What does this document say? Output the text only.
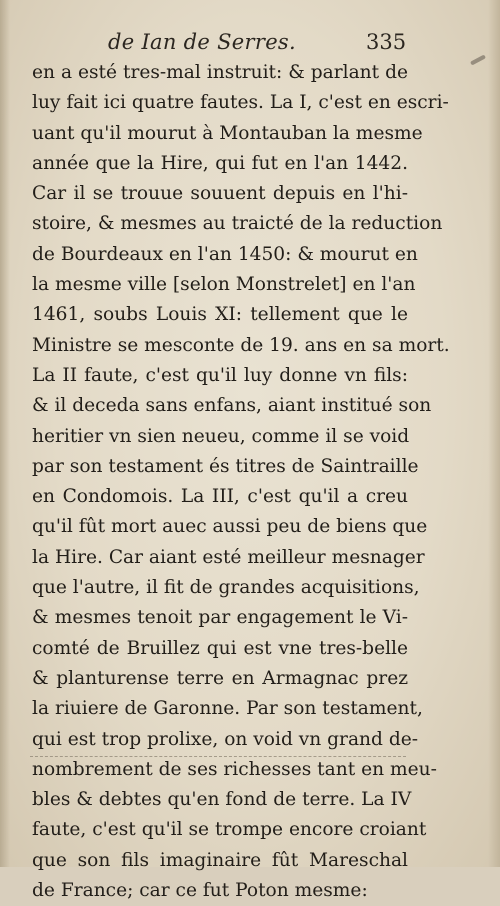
de Ian de Serres.	335
en a esté tres-mal instruit: & parlant de
luy fait ici quatre fautes. La I, c'est en escri-
uant qu'il mourut à Montauban la mesme
année que la Hire, qui fut en l'an 1442.
Car il se trouue souuent depuis en l'hi-
stoire, & mesmes au traicté de la reduction
de Bourdeaux en l'an 1450: & mourut en
la mesme ville [selon Monstrelet] en l'an
1461, soubs Louis XI: tellement que le
Ministre se mesconte de 19. ans en sa mort.
La II faute, c'est qu'il luy donne vn fils:
& il deceda sans enfans, aiant institué son
heritier vn sien neueu, comme il se void
par son testament és titres de Saintraille
en Condomois. La III, c'est qu'il a creu
qu'il fût mort auec aussi peu de biens que
la Hire. Car aiant esté meilleur mesnager
que l'autre, il fit de grandes acquisitions,
& mesmes tenoit par engagement le Vi-
comté de Bruillez qui est vne tres-belle
& planturense terre en Armagnac prez
la riuiere de Garonne. Par son testament,
qui est trop prolixe, on void vn grand de-
nombrement de ses richesses tant en meu-
bles & debtes qu'en fond de terre. La IV
faute, c'est qu'il se trompe encore croiant
que son fils imaginaire fût Mareschal
de France; car ce fut Poton mesme:
